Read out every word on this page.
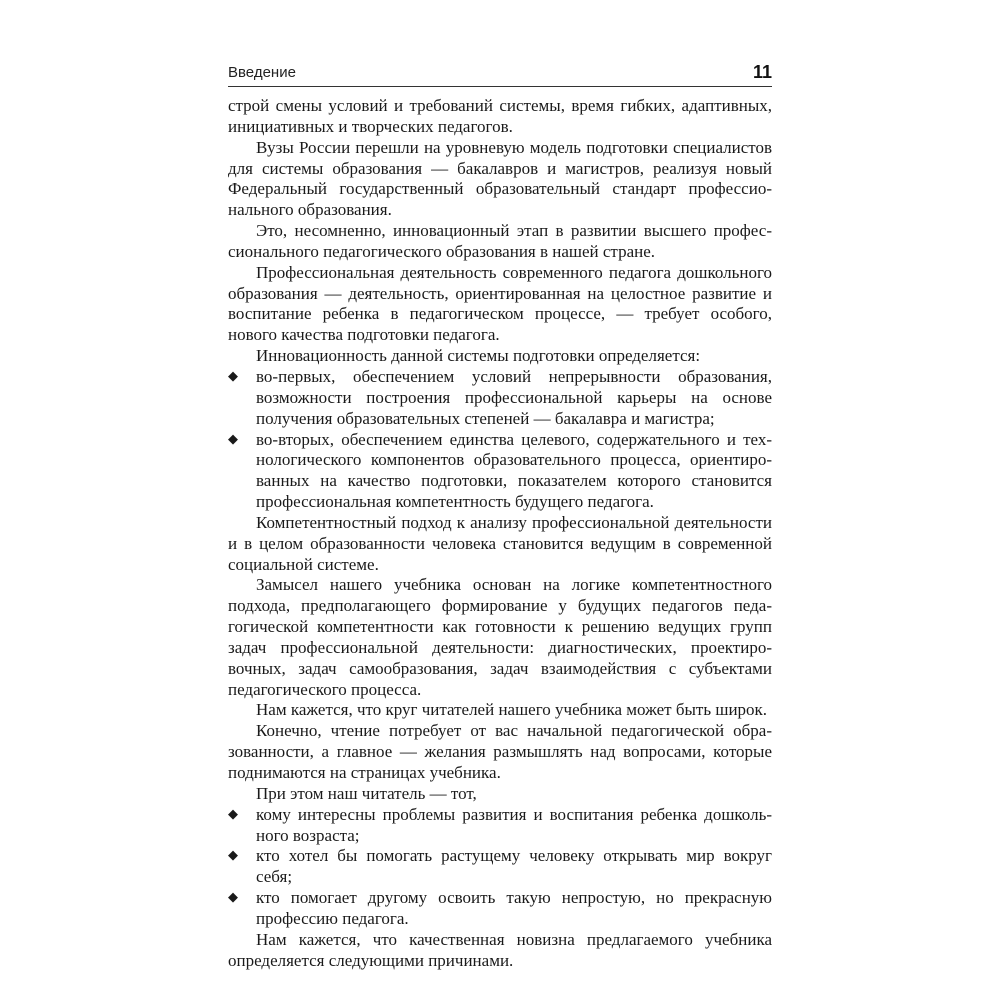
Введение	11

строй смены условий и требований системы, время гибких, адаптивных, инициативных и творческих педагогов.

Вузы России перешли на уровневую модель подготовки специалистов для системы образования — бакалавров и магистров, реализуя новый Федеральный государственный образовательный стандарт профессионального образования.

Это, несомненно, инновационный этап в развитии высшего профессионального педагогического образования в нашей стране.

Профессиональная деятельность современного педагога дошкольного образования — деятельность, ориентированная на целостное развитие и воспитание ребенка в педагогическом процессе, — требует особого, нового качества подготовки педагога.

Инновационность данной системы подготовки определяется:

◆ во-первых, обеспечением условий непрерывности образования, возможности построения профессиональной карьеры на основе получения образовательных степеней — бакалавра и магистра;
◆ во-вторых, обеспечением единства целевого, содержательного и технологического компонентов образовательного процесса, ориентированных на качество подготовки, показателем которого становится профессиональная компетентность будущего педагога.

Компетентностный подход к анализу профессиональной деятельности и в целом образованности человека становится ведущим в современной социальной системе.

Замысел нашего учебника основан на логике компетентностного подхода, предполагающего формирование у будущих педагогов педагогической компетентности как готовности к решению ведущих групп задач профессиональной деятельности: диагностических, проектировочных, задач самообразования, задач взаимодействия с субъектами педагогического процесса.

Нам кажется, что круг читателей нашего учебника может быть широк.

Конечно, чтение потребует от вас начальной педагогической образованности, а главное — желания размышлять над вопросами, которые поднимаются на страницах учебника.

При этом наш читатель — тот,

◆ кому интересны проблемы развития и воспитания ребенка дошкольного возраста;
◆ кто хотел бы помогать растущему человеку открывать мир вокруг себя;
◆ кто помогает другому освоить такую непростую, но прекрасную профессию педагога.

Нам кажется, что качественная новизна предлагаемого учебника определяется следующими причинами.
